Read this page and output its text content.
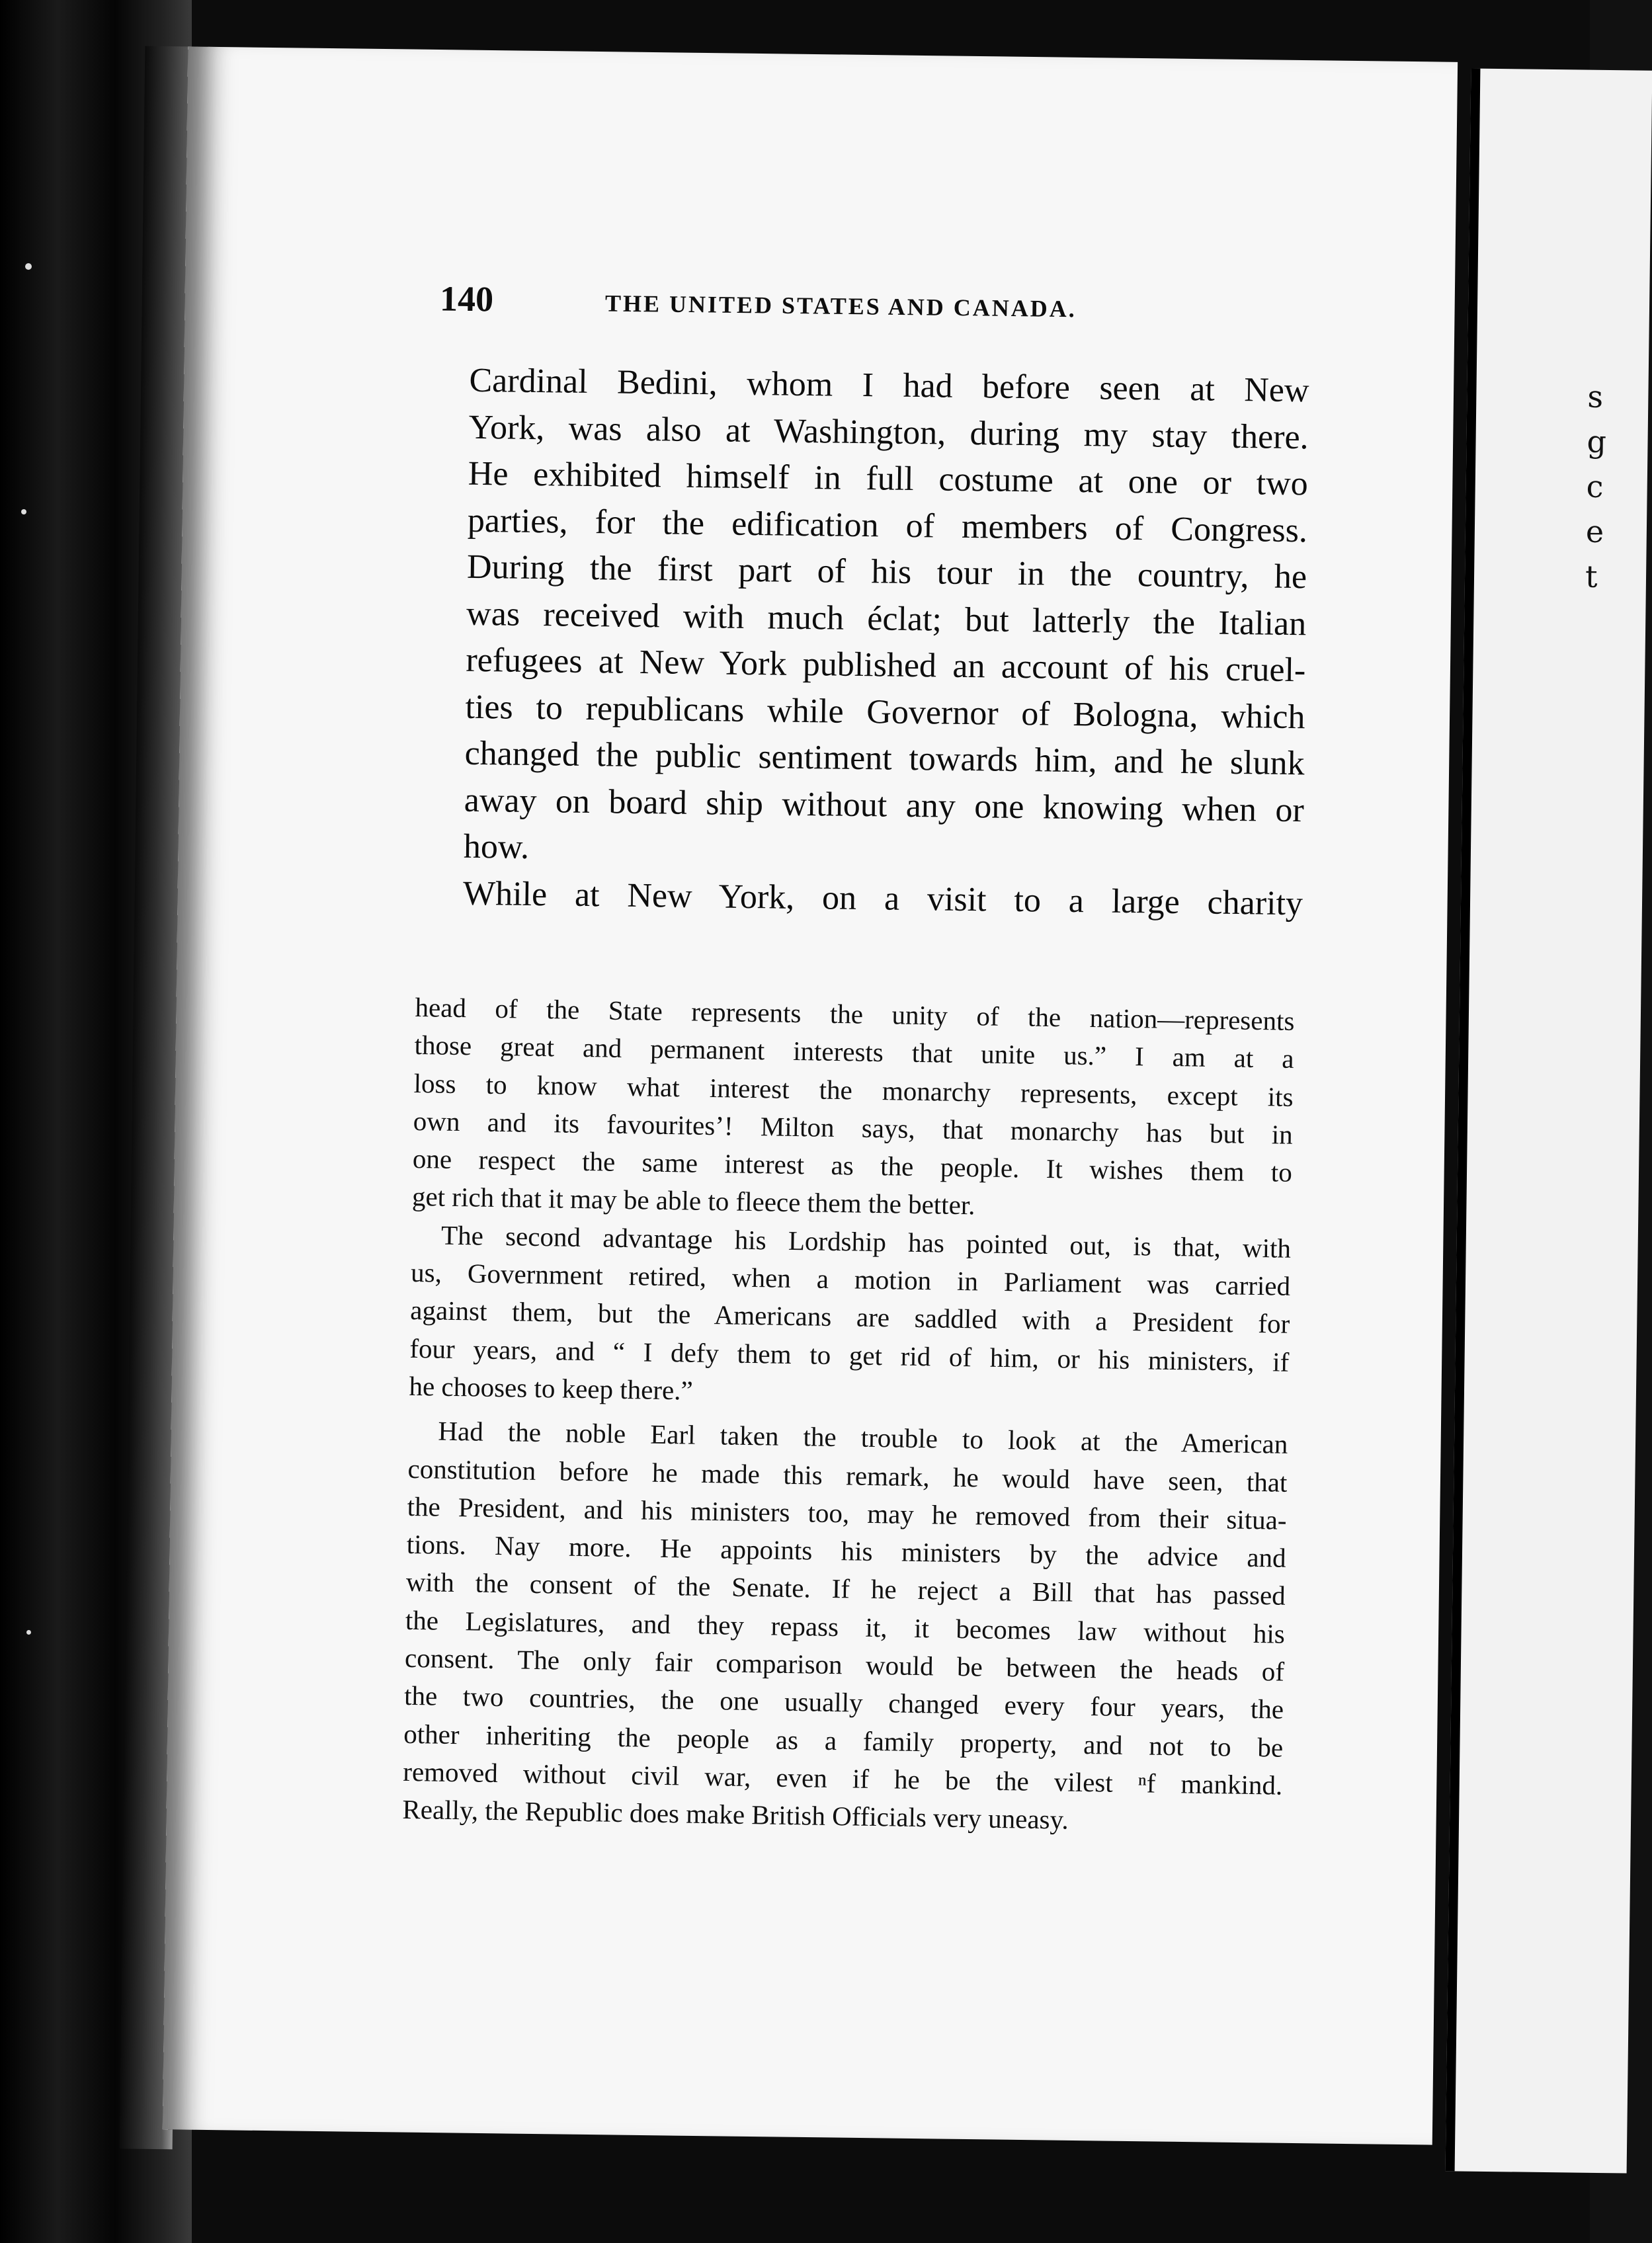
s
g
c
e
t
140	THE UNITED STATES AND CANADA.

Cardinal Bedini, whom I had before seen at New
York, was also at Washington, during my stay there.
He exhibited himself in full costume at one or two
parties, for the edification of members of Congress.
During the first part of his tour in the country, he
was received with much éclat; but latterly the Italian
refugees at New York published an account of his cruel-
ties to republicans while Governor of Bologna, which
changed the public sentiment towards him, and he slunk
away on board ship without any one knowing when or
how.

While at New York, on a visit to a large charity

head of the State represents the unity of the nation—represents
those great and permanent interests that unite us.” I am at a
loss to know what interest the monarchy represents, except its
own and its favourites’! Milton says, that monarchy has but in
one respect the same interest as the people. It wishes them to
get rich that it may be able to fleece them the better.

The second advantage his Lordship has pointed out, is that, with
us, Government retired, when a motion in Parliament was carried
against them, but the Americans are saddled with a President for
four years, and “ I defy them to get rid of him, or his ministers, if
he chooses to keep there.”

Had the noble Earl taken the trouble to look at the American
constitution before he made this remark, he would have seen, that
the President, and his ministers too, may he removed from their situa-
tions. Nay more. He appoints his ministers by the advice and
with the consent of the Senate. If he reject a Bill that has passed
the Legislatures, and they repass it, it becomes law without his
consent. The only fair comparison would be between the heads of
the two countries, the one usually changed every four years, the
other inheriting the people as a family property, and not to be
removed without civil war, even if he be the vilest ⁿf mankind.
Really, the Republic does make British Officials very uneasy.
